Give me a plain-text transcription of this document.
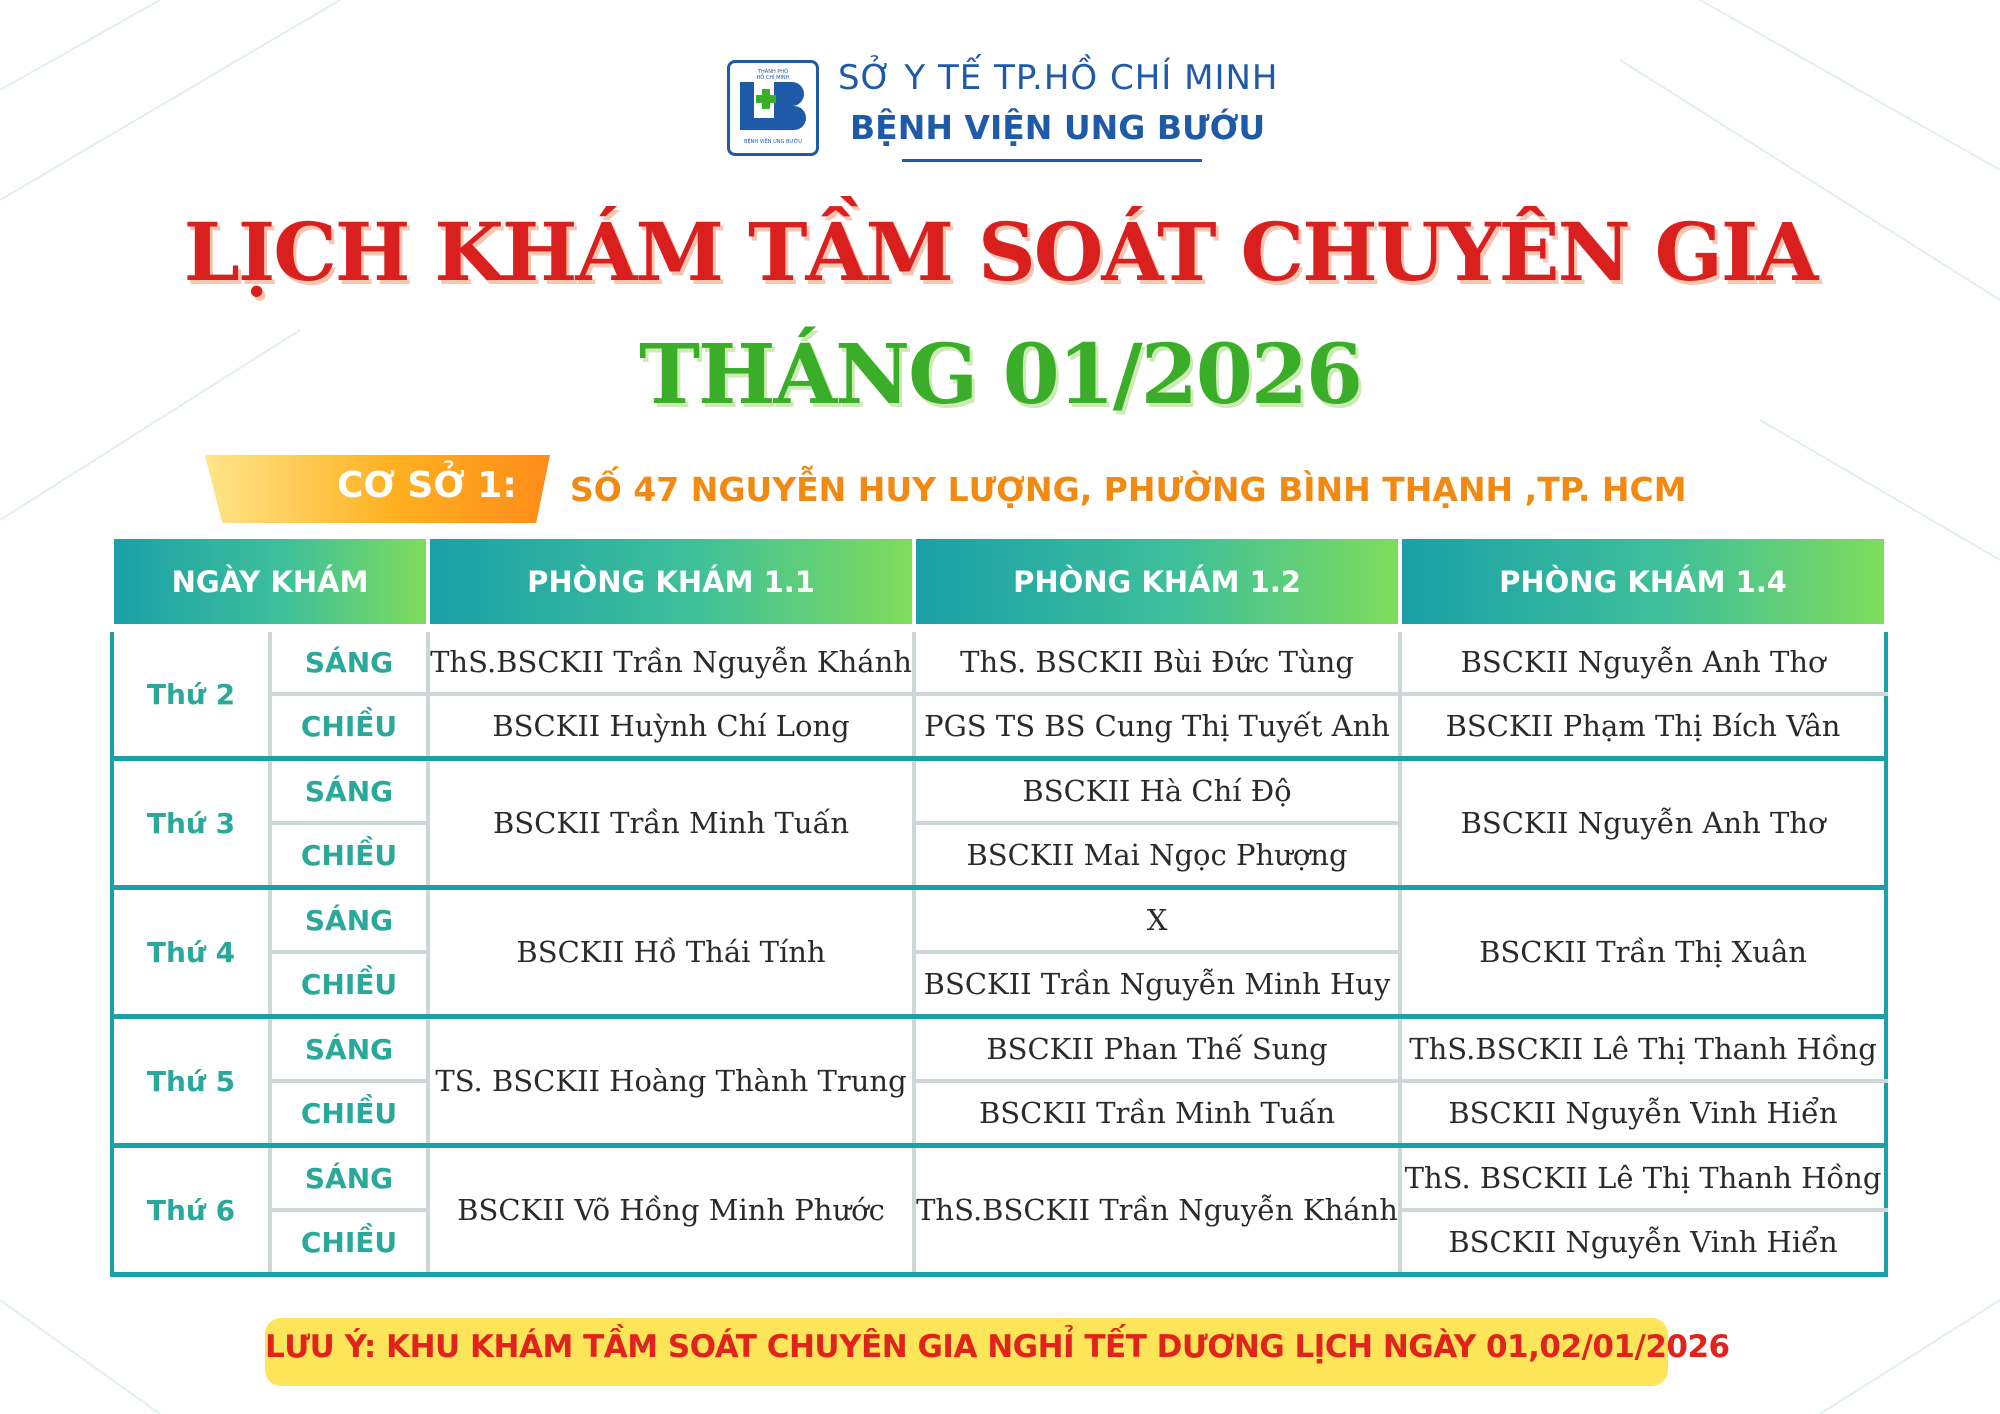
THÀNH PHỐ
HỒ CHÍ MINH
BỆNH VIỆN UNG BƯỚU
SỞ Y TẾ TP.HỒ CHÍ MINH
BỆNH VIỆN UNG BƯỚU
LỊCH KHÁM TẦM SOÁT CHUYÊN GIA
THÁNG 01/2026
CƠ SỞ 1: SỐ 47 NGUYỄN HUY LƯỢNG, PHƯỜNG BÌNH THẠNH ,TP. HCM
NGÀY KHÁM		PHÒNG KHÁM 1.1	PHÒNG KHÁM 1.2	PHÒNG KHÁM 1.4

Thứ 2	SÁNG	ThS.BSCKII Trần Nguyễn Khánh	ThS. BSCKII Bùi Đức Tùng	BSCKII Nguyễn Anh Thơ
	CHIỀU	BSCKII Huỳnh Chí Long	PGS TS BS Cung Thị Tuyết Anh	BSCKII Phạm Thị Bích Vân
Thứ 3	SÁNG	BSCKII Trần Minh Tuấn	BSCKII Hà Chí Độ	BSCKII Nguyễn Anh Thơ
	CHIỀU		BSCKII Mai Ngọc Phượng	
Thứ 4	SÁNG	BSCKII Hồ Thái Tính	X	BSCKII Trần Thị Xuân
	CHIỀU		BSCKII Trần Nguyễn Minh Huy	
Thứ 5	SÁNG	TS. BSCKII Hoàng Thành Trung	BSCKII Phan Thế Sung	ThS.BSCKII Lê Thị Thanh Hồng
	CHIỀU		BSCKII Trần Minh Tuấn	BSCKII Nguyễn Vinh Hiển
Thứ 6	SÁNG	BSCKII Võ Hồng Minh Phước	ThS.BSCKII Trần Nguyễn Khánh	ThS. BSCKII Lê Thị Thanh Hồng
	CHIỀU			BSCKII Nguyễn Vinh Hiển
LƯU Ý: KHU KHÁM TẦM SOÁT CHUYÊN GIA NGHỈ TẾT DƯƠNG LỊCH NGÀY 01,02/01/2026
